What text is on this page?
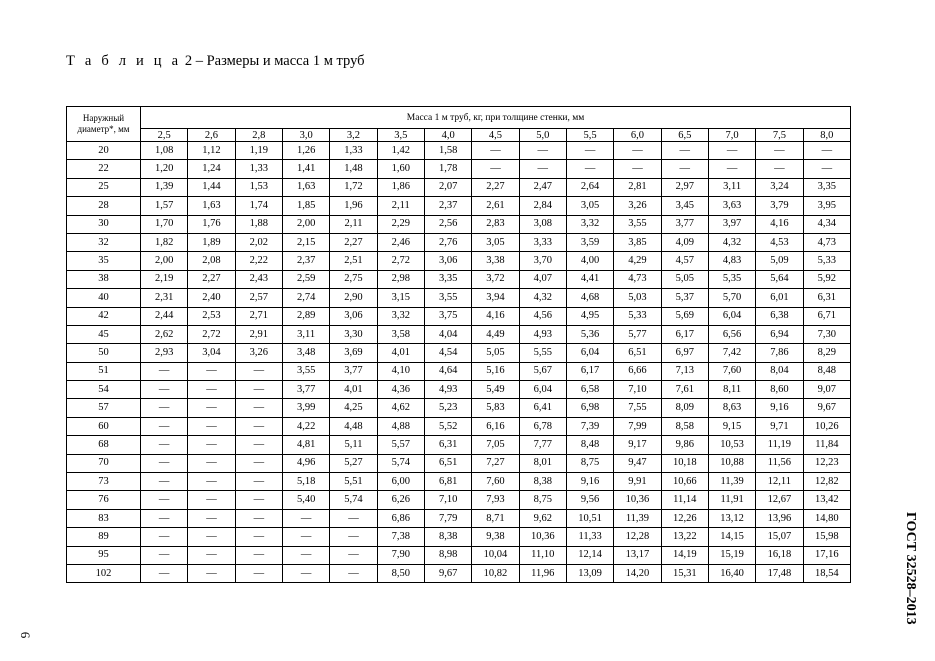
Т а б л и ц а 2 – Размеры и масса 1 м труб
Наружный диаметр*, мм	Масса 1 м труб, кг, при толщине стенки, мм														
	2,5	2,6	2,8	3,0	3,2	3,5	4,0	4,5	5,0	5,5	6,0	6,5	7,0	7,5	8,0
20	1,08	1,12	1,19	1,26	1,33	1,42	1,58	—	—	—	—	—	—	—	—
22	1,20	1,24	1,33	1,41	1,48	1,60	1,78	—	—	—	—	—	—	—	—
25	1,39	1,44	1,53	1,63	1,72	1,86	2,07	2,27	2,47	2,64	2,81	2,97	3,11	3,24	3,35
28	1,57	1,63	1,74	1,85	1,96	2,11	2,37	2,61	2,84	3,05	3,26	3,45	3,63	3,79	3,95
30	1,70	1,76	1,88	2,00	2,11	2,29	2,56	2,83	3,08	3,32	3,55	3,77	3,97	4,16	4,34
32	1,82	1,89	2,02	2,15	2,27	2,46	2,76	3,05	3,33	3,59	3,85	4,09	4,32	4,53	4,73
35	2,00	2,08	2,22	2,37	2,51	2,72	3,06	3,38	3,70	4,00	4,29	4,57	4,83	5,09	5,33
38	2,19	2,27	2,43	2,59	2,75	2,98	3,35	3,72	4,07	4,41	4,73	5,05	5,35	5,64	5,92
40	2,31	2,40	2,57	2,74	2,90	3,15	3,55	3,94	4,32	4,68	5,03	5,37	5,70	6,01	6,31
42	2,44	2,53	2,71	2,89	3,06	3,32	3,75	4,16	4,56	4,95	5,33	5,69	6,04	6,38	6,71
45	2,62	2,72	2,91	3,11	3,30	3,58	4,04	4,49	4,93	5,36	5,77	6,17	6,56	6,94	7,30
50	2,93	3,04	3,26	3,48	3,69	4,01	4,54	5,05	5,55	6,04	6,51	6,97	7,42	7,86	8,29
51	—	—	—	3,55	3,77	4,10	4,64	5,16	5,67	6,17	6,66	7,13	7,60	8,04	8,48
54	—	—	—	3,77	4,01	4,36	4,93	5,49	6,04	6,58	7,10	7,61	8,11	8,60	9,07
57	—	—	—	3,99	4,25	4,62	5,23	5,83	6,41	6,98	7,55	8,09	8,63	9,16	9,67
60	—	—	—	4,22	4,48	4,88	5,52	6,16	6,78	7,39	7,99	8,58	9,15	9,71	10,26
68	—	—	—	4,81	5,11	5,57	6,31	7,05	7,77	8,48	9,17	9,86	10,53	11,19	11,84
70	—	—	—	4,96	5,27	5,74	6,51	7,27	8,01	8,75	9,47	10,18	10,88	11,56	12,23
73	—	—	—	5,18	5,51	6,00	6,81	7,60	8,38	9,16	9,91	10,66	11,39	12,11	12,82
76	—	—	—	5,40	5,74	6,26	7,10	7,93	8,75	9,56	10,36	11,14	11,91	12,67	13,42
83	—	—	—	—	—	6,86	7,79	8,71	9,62	10,51	11,39	12,26	13,12	13,96	14,80
89	—	—	—	—	—	7,38	8,38	9,38	10,36	11,33	12,28	13,22	14,15	15,07	15,98
95	—	—	—	—	—	7,90	8,98	10,04	11,10	12,14	13,17	14,19	15,19	16,18	17,16
102	—	—	—	—	—	8,50	9,67	10,82	11,96	13,09	14,20	15,31	16,40	17,48	18,54	ГОСТ 32528–2013
6
